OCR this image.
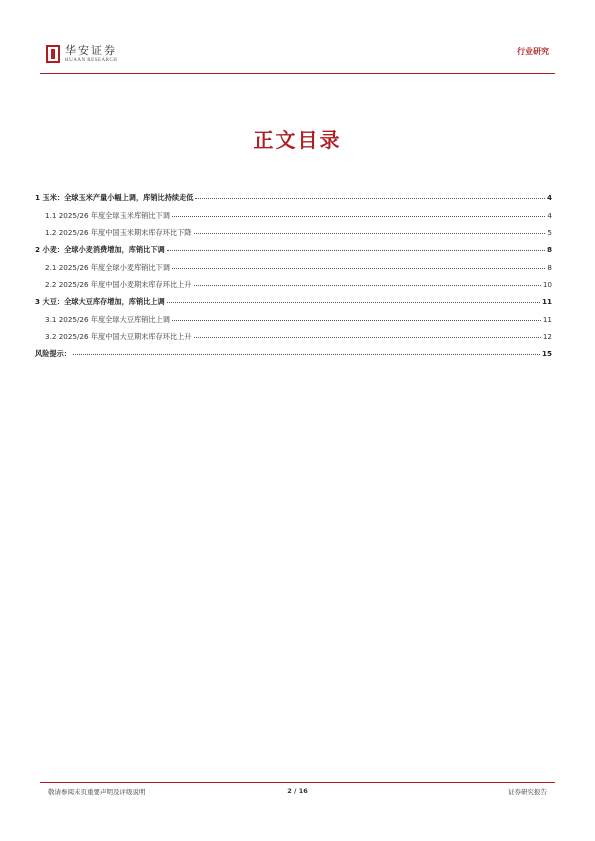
华安证券
HUAAN RESEARCH
行业研究
正文目录
1 玉米：全球玉米产量小幅上调，库销比持续走低	4
1.1 2025/26 年度全球玉米库销比下调	4
1.2 2025/26 年度中国玉米期末库存环比下降	5
2 小麦：全球小麦消费增加，库销比下调	8
2.1 2025/26 年度全球小麦库销比下调	8
2.2 2025/26 年度中国小麦期末库存环比上升	10
3 大豆：全球大豆库存增加，库销比上调	11
3.1 2025/26 年度全球大豆库销比上调	11
3.2 2025/26 年度中国大豆期末库存环比上升	12
风险提示：	15
敬请参阅末页重要声明及评级说明	2 / 16	证券研究报告
